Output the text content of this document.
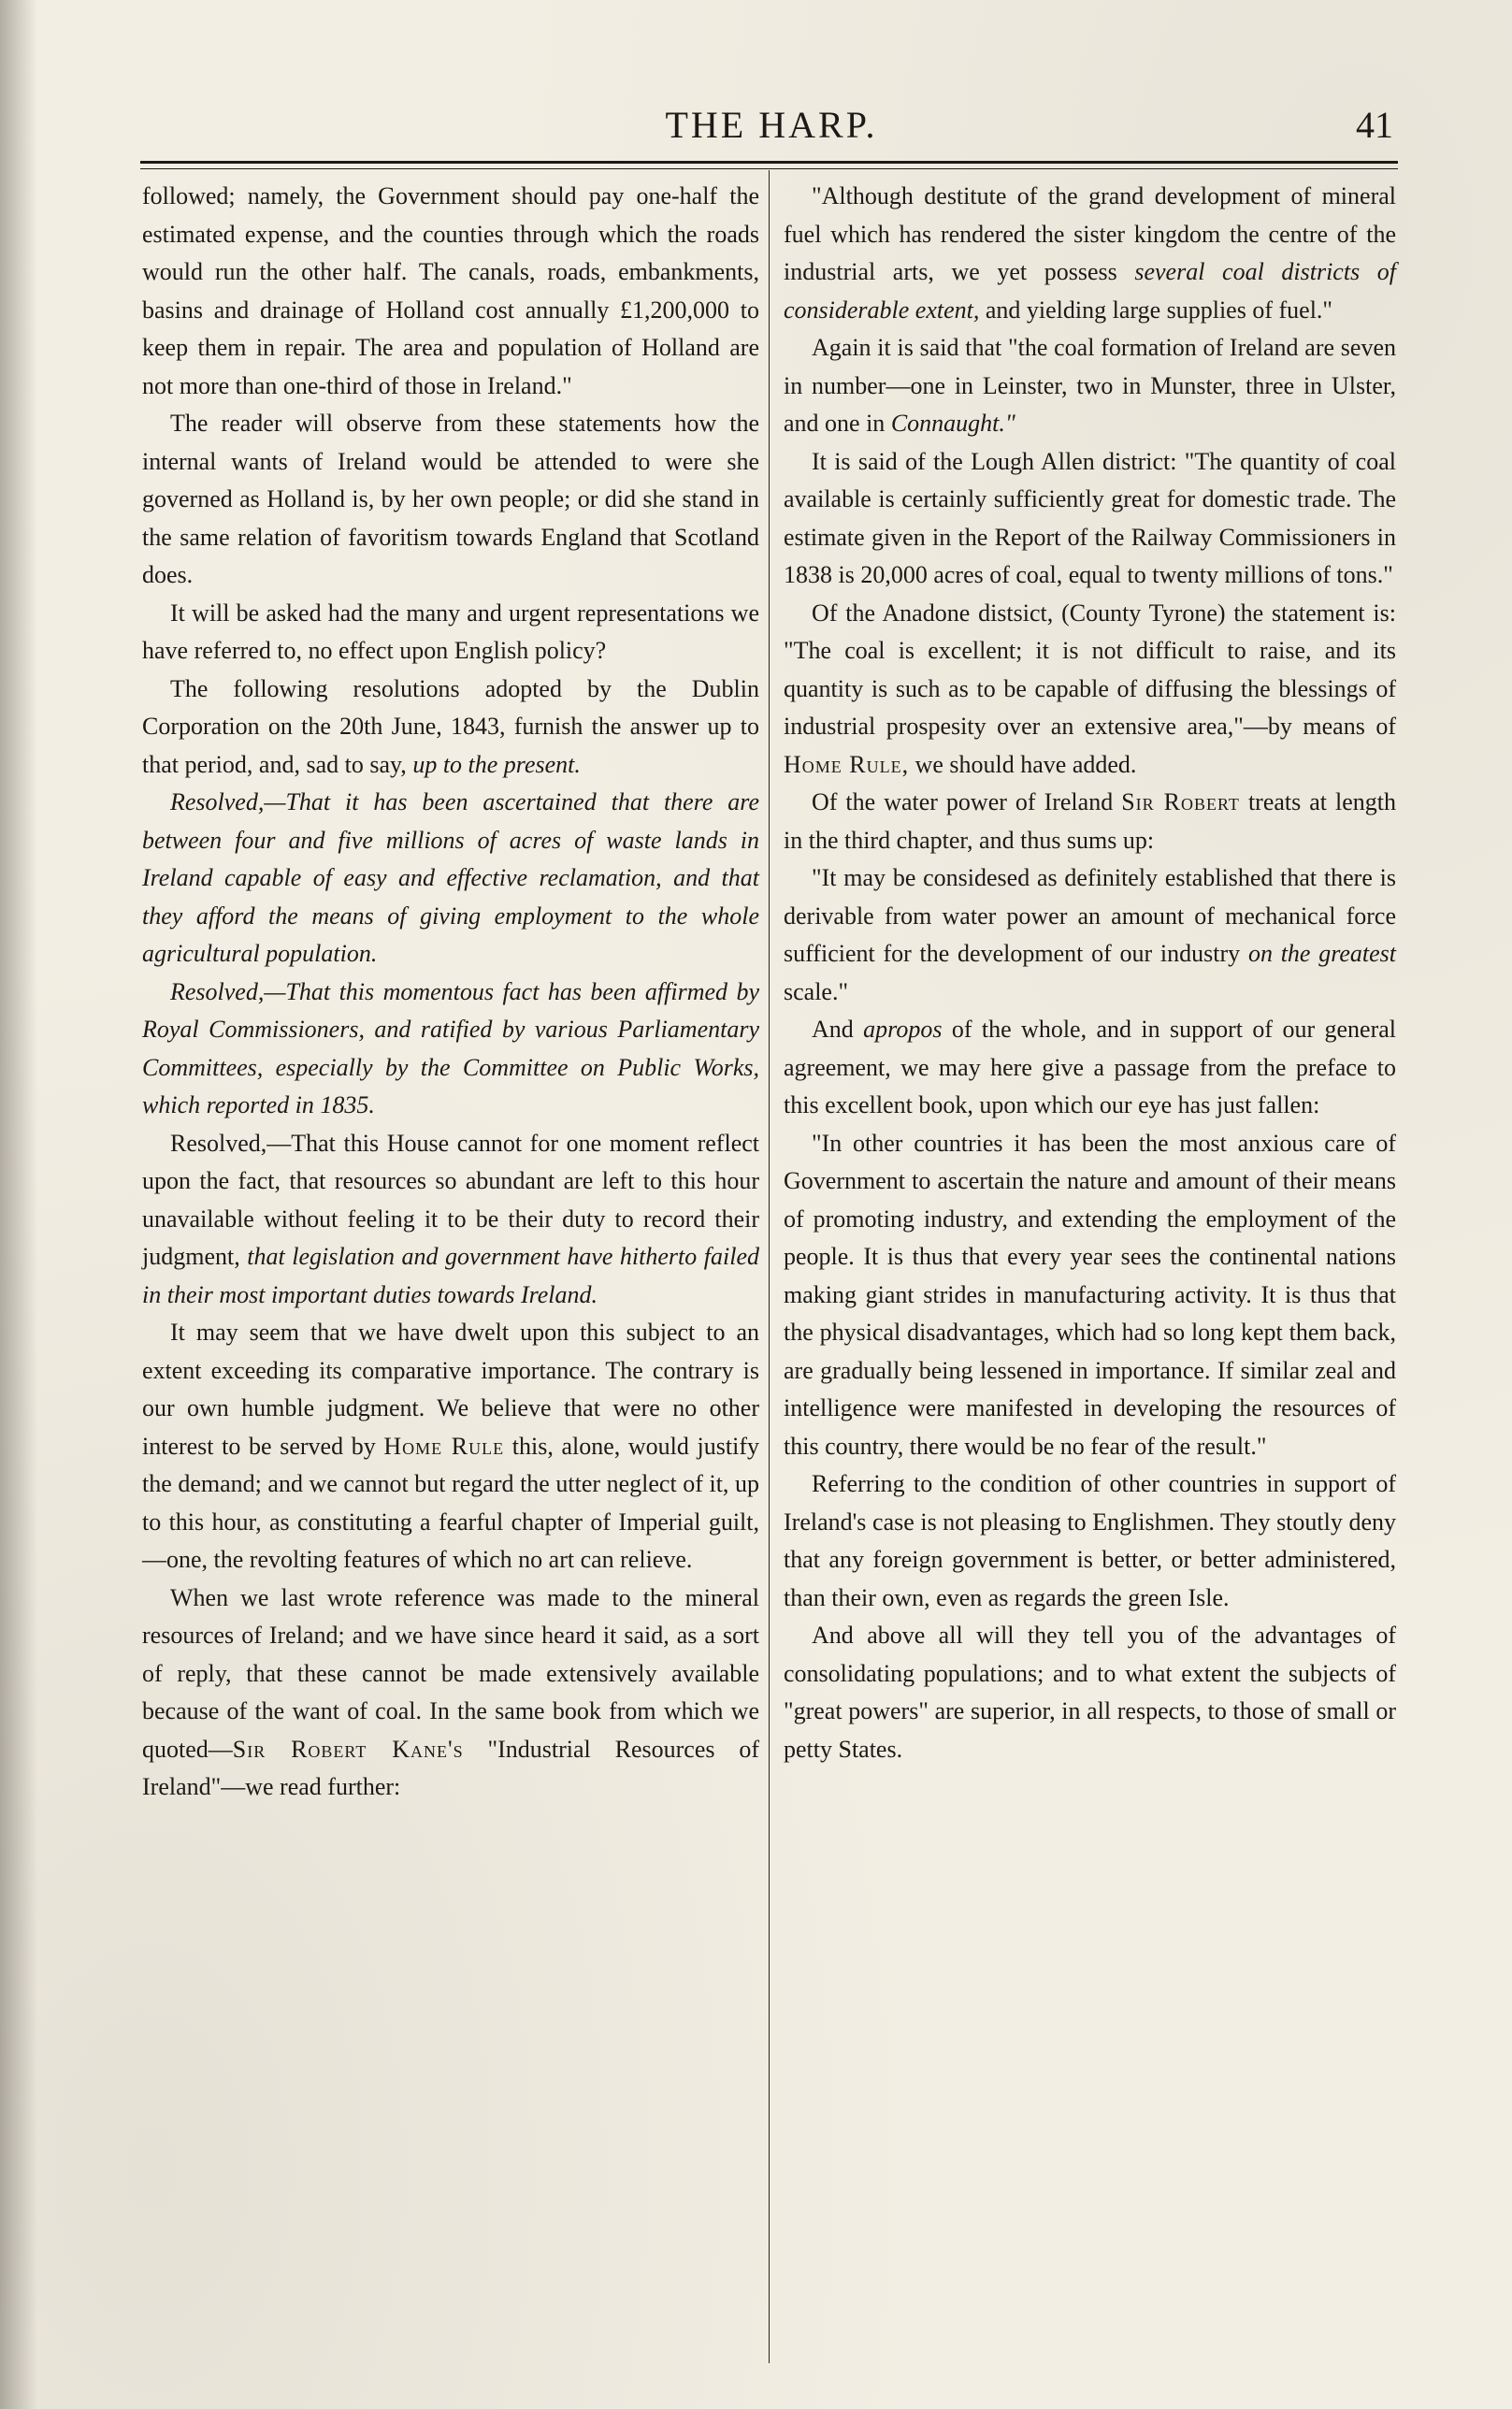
THE HARP.	41

followed; namely, the Government should pay one-half the estimated expense, and the counties through which the roads would run the other half. The canals, roads, embankments, basins and drainage of Holland cost annually £1,200,000 to keep them in repair. The area and population of Holland are not more than one-third of those in Ireland."

The reader will observe from these statements how the internal wants of Ireland would be attended to were she governed as Holland is, by her own people; or did she stand in the same relation of favoritism towards England that Scotland does.

It will be asked had the many and urgent representations we have referred to, no effect upon English policy?

The following resolutions adopted by the Dublin Corporation on the 20th June, 1843, furnish the answer up to that period, and, sad to say, up to the present.

Resolved,—That it has been ascertained that there are between four and five millions of acres of waste lands in Ireland capable of easy and effective reclamation, and that they afford the means of giving employment to the whole agricultural population.

Resolved,—That this momentous fact has been affirmed by Royal Commissioners, and ratified by various Parliamentary Committees, especially by the Committee on Public Works, which reported in 1835.

Resolved,—That this House cannot for one moment reflect upon the fact, that resources so abundant are left to this hour unavailable without feeling it to be their duty to record their judgment, that legislation and government have hitherto failed in their most important duties towards Ireland.

It may seem that we have dwelt upon this subject to an extent exceeding its comparative importance. The contrary is our own humble judgment. We believe that were no other interest to be served by Home Rule this, alone, would justify the demand; and we cannot but regard the utter neglect of it, up to this hour, as constituting a fearful chapter of Imperial guilt,—one, the revolting features of which no art can relieve.

When we last wrote reference was made to the mineral resources of Ireland; and we have since heard it said, as a sort of reply, that these cannot be made extensively available because of the want of coal. In the same book from which we quoted—Sir Robert Kane's "Industrial Resources of Ireland"—we read further:

"Although destitute of the grand development of mineral fuel which has rendered the sister kingdom the centre of the industrial arts, we yet possess several coal districts of considerable extent, and yielding large supplies of fuel."

Again it is said that "the coal formation of Ireland are seven in number—one in Leinster, two in Munster, three in Ulster, and one in Connaught."

It is said of the Lough Allen district: "The quantity of coal available is certainly sufficiently great for domestic trade. The estimate given in the Report of the Railway Commissioners in 1838 is 20,000 acres of coal, equal to twenty millions of tons."

Of the Anadone distsict, (County Tyrone) the statement is: "The coal is excellent; it is not difficult to raise, and its quantity is such as to be capable of diffusing the blessings of industrial prospesity over an extensive area,"—by means of Home Rule, we should have added.

Of the water power of Ireland Sir Robert treats at length in the third chapter, and thus sums up:

"It may be considesed as definitely established that there is derivable from water power an amount of mechanical force sufficient for the development of our industry on the greatest scale."

And apropos of the whole, and in support of our general agreement, we may here give a passage from the preface to this excellent book, upon which our eye has just fallen:

"In other countries it has been the most anxious care of Government to ascertain the nature and amount of their means of promoting industry, and extending the employment of the people. It is thus that every year sees the continental nations making giant strides in manufacturing activity. It is thus that the physical disadvantages, which had so long kept them back, are gradually being lessened in importance. If similar zeal and intelligence were manifested in developing the resources of this country, there would be no fear of the result."

Referring to the condition of other countries in support of Ireland's case is not pleasing to Englishmen. They stoutly deny that any foreign government is better, or better administered, than their own, even as regards the green Isle.

And above all will they tell you of the advantages of consolidating populations; and to what extent the subjects of "great powers" are superior, in all respects, to those of small or petty States.
